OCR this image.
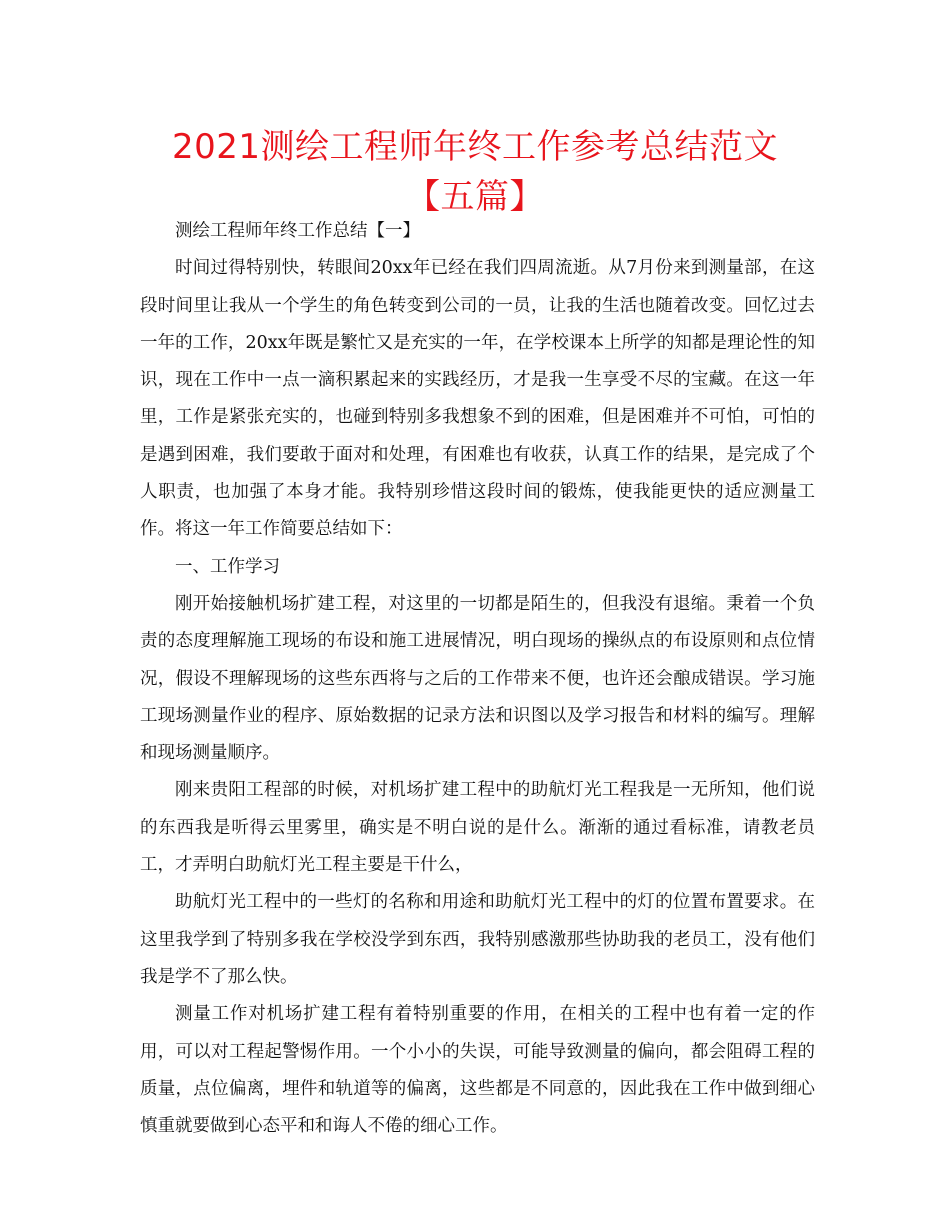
2021测绘工程师年终工作参考总结范文【五篇】

测绘工程师年终工作总结【一】

时间过得特别快，转眼间20xx年已经在我们四周流逝。从7月份来到测量部，在这段时间里让我从一个学生的角色转变到公司的一员，让我的生活也随着改变。回忆过去一年的工作，20xx年既是繁忙又是充实的一年，在学校课本上所学的知都是理论性的知识，现在工作中一点一滴积累起来的实践经历，才是我一生享受不尽的宝藏。在这一年里，工作是紧张充实的，也碰到特别多我想象不到的困难，但是困难并不可怕，可怕的是遇到困难，我们要敢于面对和处理，有困难也有收获，认真工作的结果，是完成了个人职责，也加强了本身才能。我特别珍惜这段时间的锻炼，使我能更快的适应测量工作。将这一年工作简要总结如下：

一、工作学习

刚开始接触机场扩建工程，对这里的一切都是陌生的，但我没有退缩。秉着一个负责的态度理解施工现场的布设和施工进展情况，明白现场的操纵点的布设原则和点位情况，假设不理解现场的这些东西将与之后的工作带来不便，也许还会酿成错误。学习施工现场测量作业的程序、原始数据的记录方法和识图以及学习报告和材料的编写。理解和现场测量顺序。

刚来贵阳工程部的时候，对机场扩建工程中的助航灯光工程我是一无所知，他们说的东西我是听得云里雾里，确实是不明白说的是什么。渐渐的通过看标准，请教老员工，才弄明白助航灯光工程主要是干什么，

助航灯光工程中的一些灯的名称和用途和助航灯光工程中的灯的位置布置要求。在这里我学到了特别多我在学校没学到东西，我特别感激那些协助我的老员工，没有他们我是学不了那么快。

测量工作对机场扩建工程有着特别重要的作用，在相关的工程中也有着一定的作用，可以对工程起警惕作用。一个小小的失误，可能导致测量的偏向，都会阻碍工程的质量，点位偏离，埋件和轨道等的偏离，这些都是不同意的，因此我在工作中做到细心慎重就要做到心态平和和诲人不倦的细心工作。
